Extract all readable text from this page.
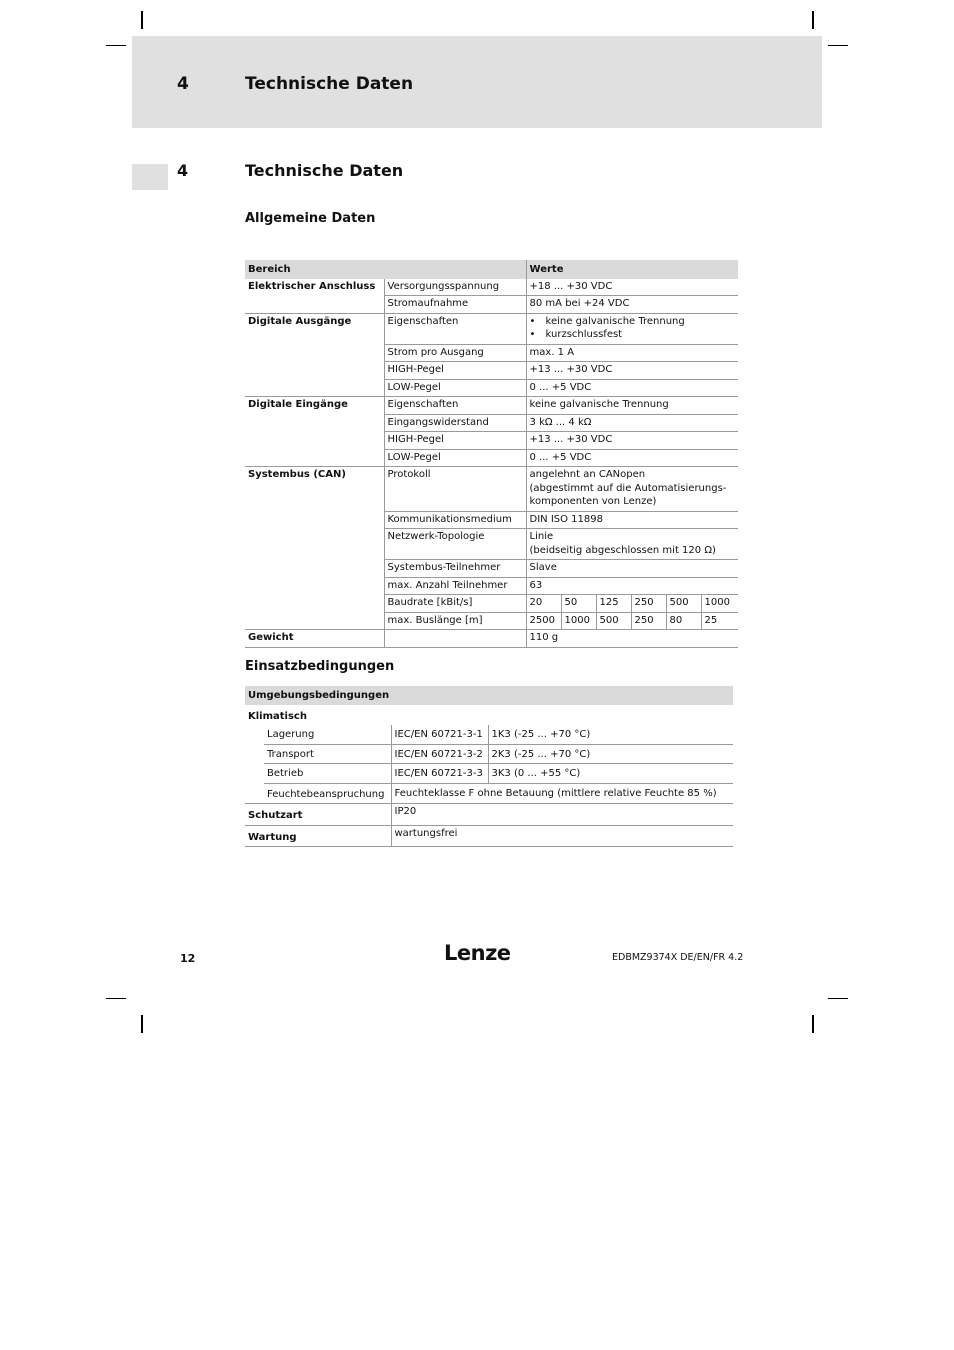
4	Technische Daten
4	Technische Daten
Allgemeine Daten
Bereich		Werte					
Elektrischer Anschluss	Versorgungsspannung	+18 ... +30 VDC					
	Stromaufnahme	80 mA bei +24 VDC					
Digitale Ausgänge	Eigenschaften	• keine galvanische Trennung
• kurzschlussfest					

	Strom pro Ausgang	max. 1 A					
	HIGH-Pegel	+13 ... +30 VDC					
	LOW-Pegel	0 ... +5 VDC					
Digitale Eingänge	Eigenschaften	keine galvanische Trennung					
	Eingangswiderstand	3 kΩ ... 4 kΩ					
	HIGH-Pegel	+13 ... +30 VDC					
	LOW-Pegel	0 ... +5 VDC					
Systembus (CAN)	Protokoll	angelehnt an CANopen
(abgestimmt auf die Automatisierungs-
komponenten von Lenze)					

	Kommunikationsmedium	DIN ISO 11898					
	Netzwerk-Topologie	Linie
(beidseitig abgeschlossen mit 120 Ω)					

	Systembus-Teilnehmer	Slave					
	max. Anzahl Teilnehmer	63					
	Baudrate [kBit/s]	20	50	125	250	500	1000
	max. Buslänge [m]	2500	1000	500	250	80	25
Gewicht		110 g					
Einsatzbedingungen
Umgebungsbedingungen			
Klimatisch			
	Lagerung	IEC/EN 60721-3-1	1K3 (-25 ... +70 °C)
	Transport	IEC/EN 60721-3-2	2K3 (-25 ... +70 °C)
	Betrieb	IEC/EN 60721-3-3	3K3 (0 ... +55 °C)
	Feuchtebeanspruchung	Feuchteklasse F ohne Betauung (mittlere relative Feuchte 85 %)	
Schutzart		IP20	
Wartung		wartungsfrei	
12	Lenze	EDBMZ9374X DE/EN/FR 4.2
